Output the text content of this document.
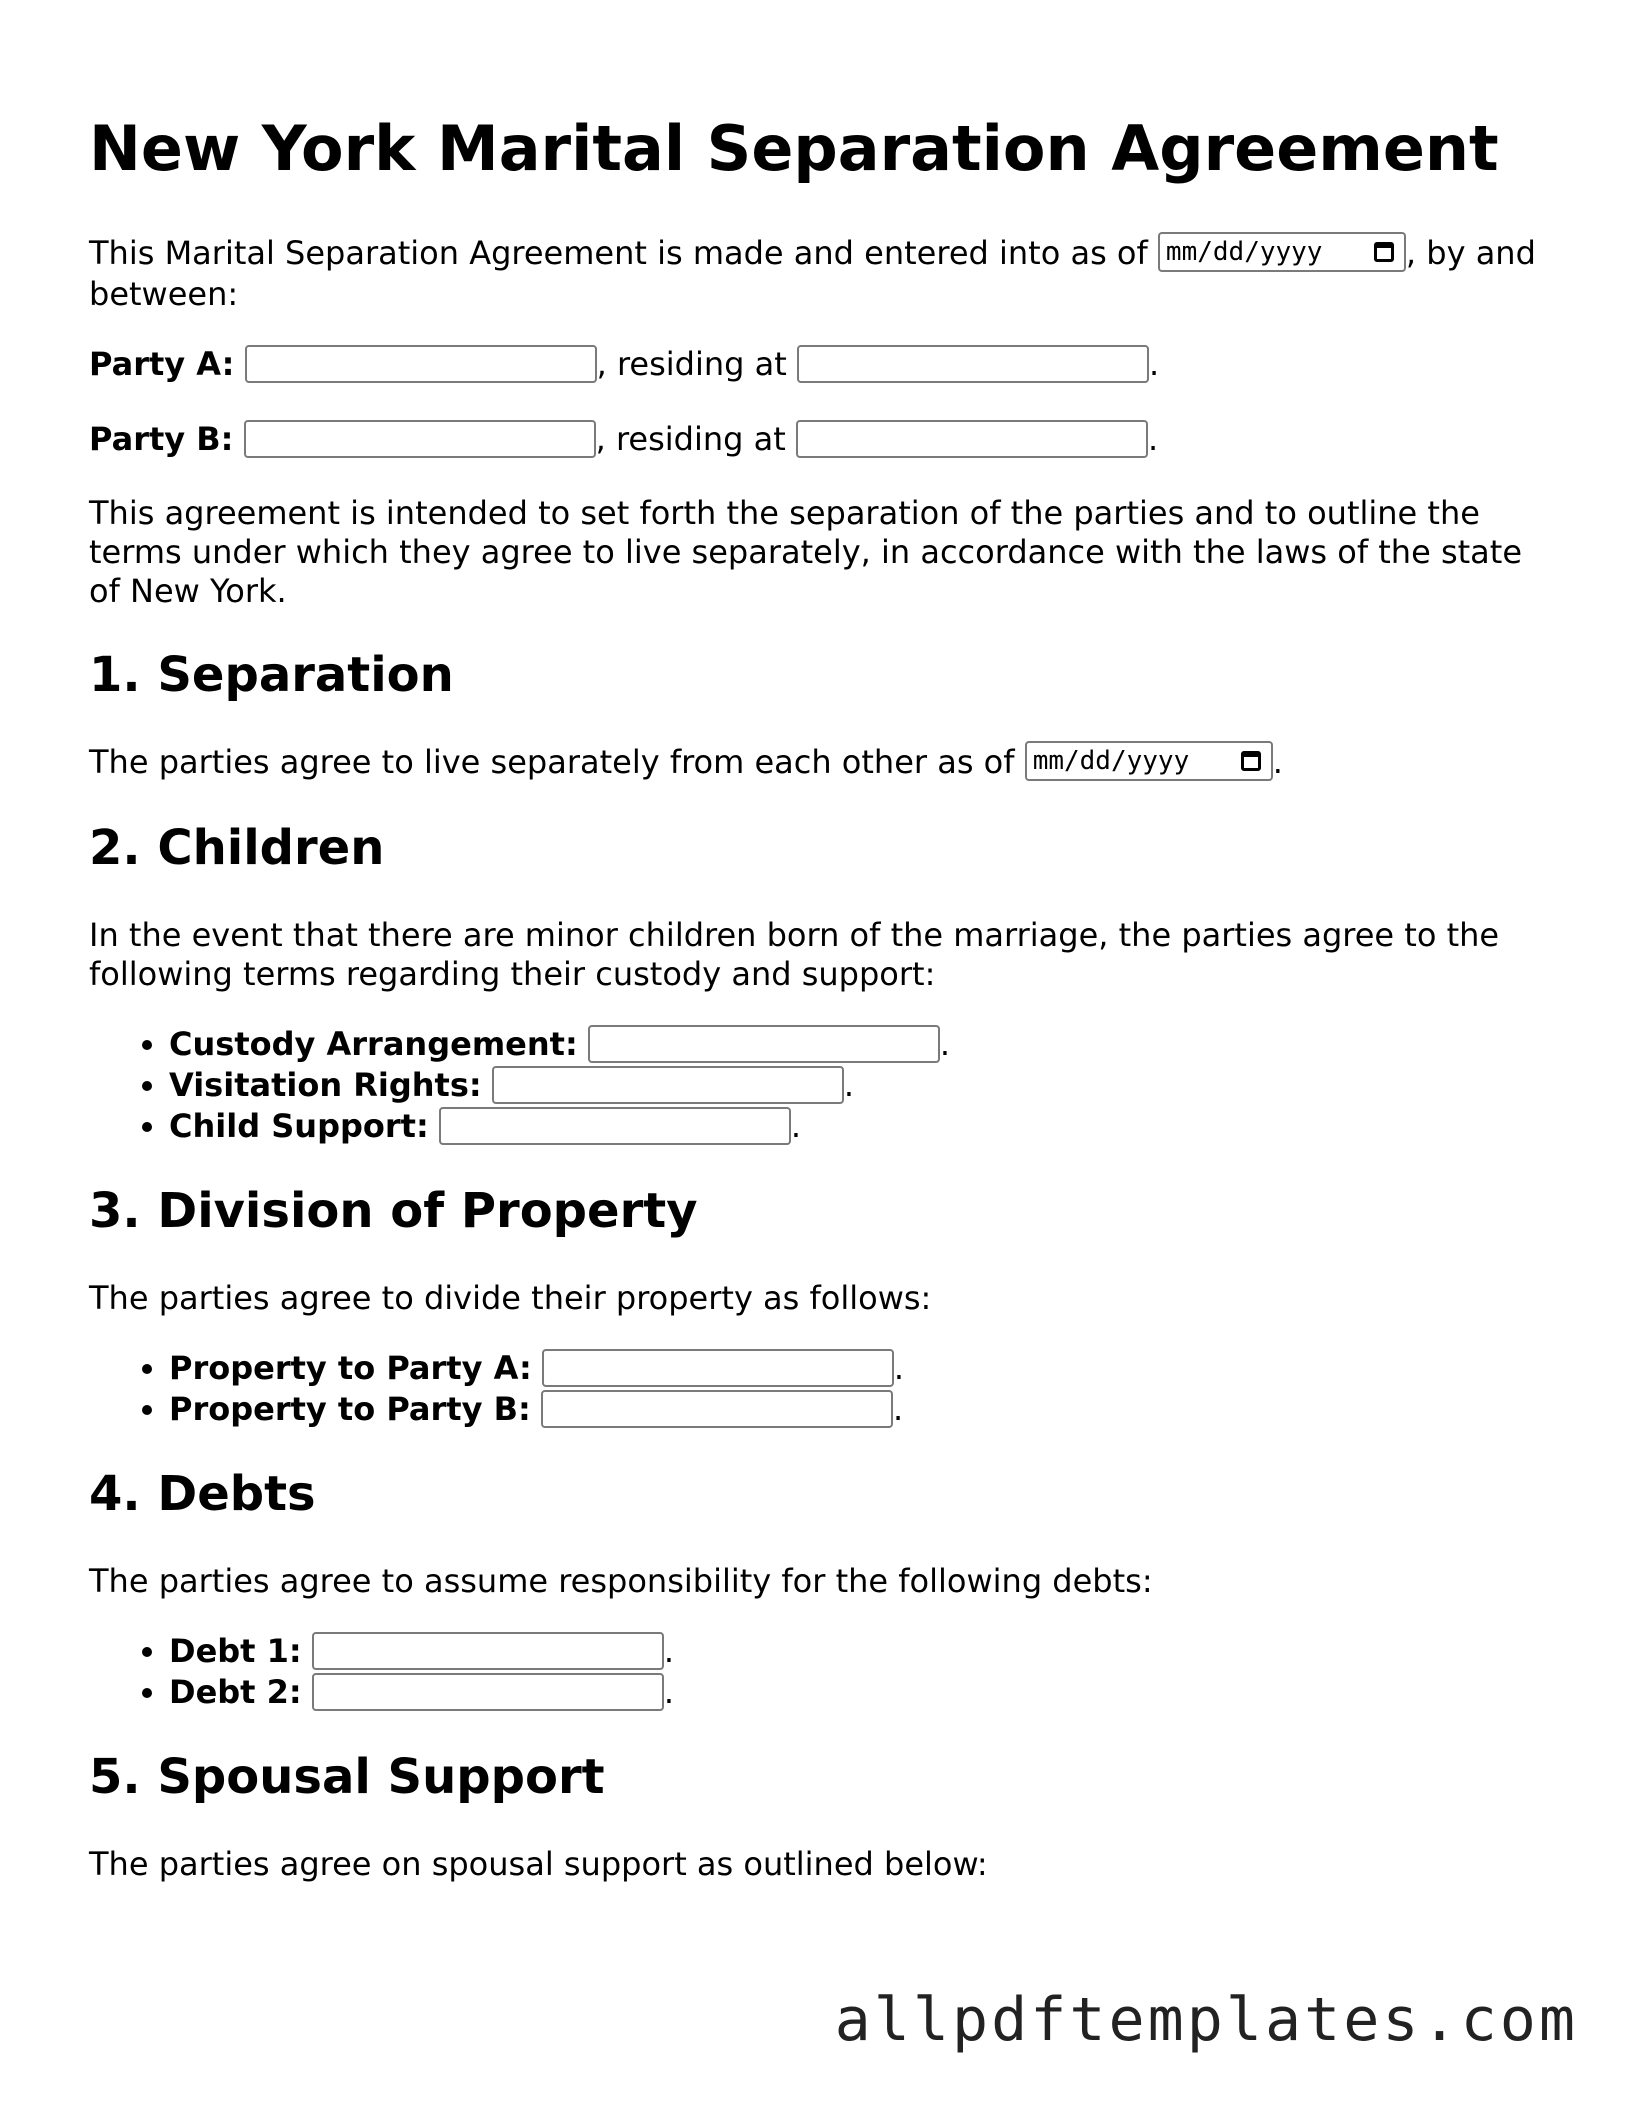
New York Marital Separation Agreement

This Marital Separation Agreement is made and entered into as of mm/dd/yyyy	, by and between:

Party A:	, residing at	.
Party B:	, residing at	.

This agreement is intended to set forth the separation of the parties and to outline the terms under which they agree to live separately, in accordance with the laws of the state of New York.

1. Separation

The parties agree to live separately from each other as of mm/dd/yyyy	.

2. Children

In the event that there are minor children born of the marriage, the parties agree to the following terms regarding their custody and support:

• Custody Arrangement:	.
• Visitation Rights:	.
• Child Support:	.
3. Division of Property

The parties agree to divide their property as follows:

• Property to Party A:	.
• Property to Party B:	.
4. Debts

The parties agree to assume responsibility for the following debts:

• Debt 1:	.
• Debt 2:	.
5. Spousal Support

The parties agree on spousal support as outlined below:

allpdftemplates.com
